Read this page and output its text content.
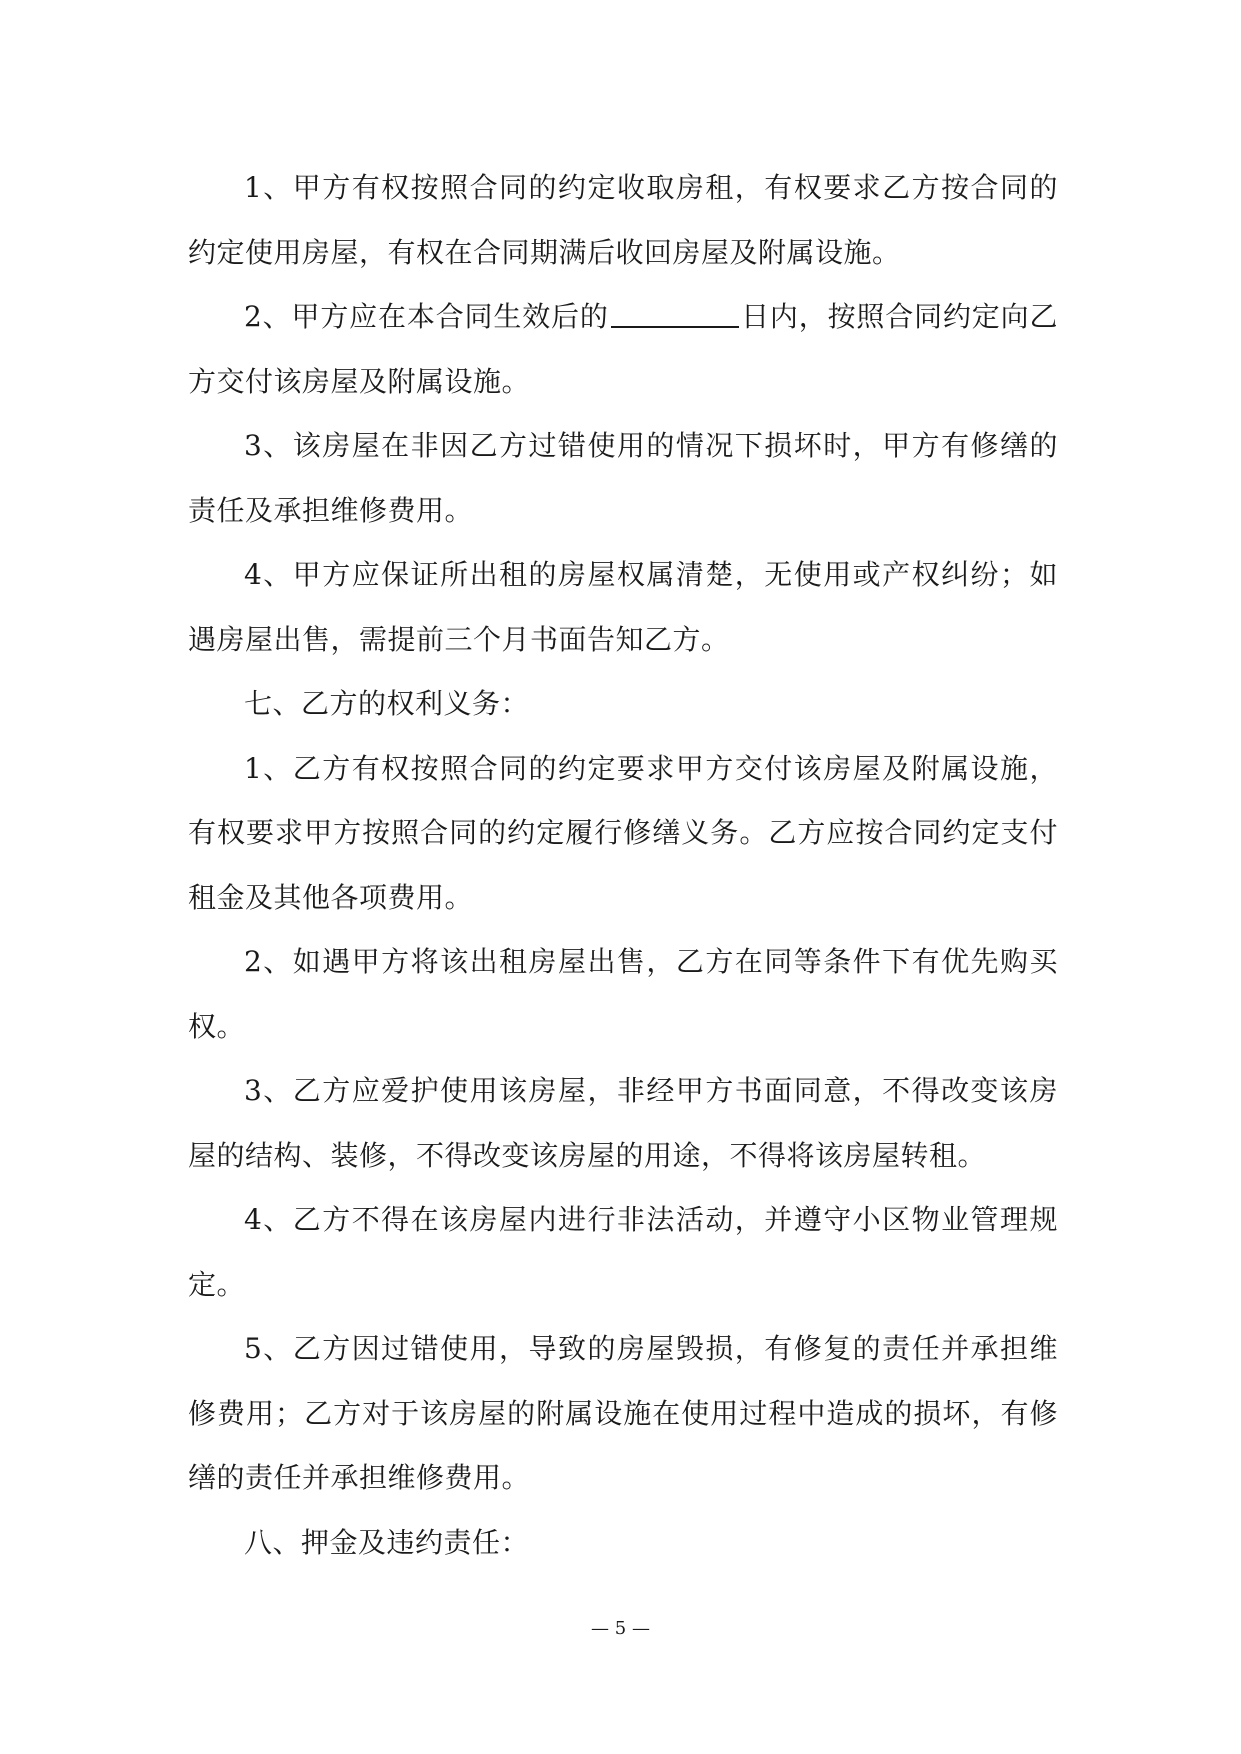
1、甲方有权按照合同的约定收取房租，有权要求乙方按合同的约定使用房屋，有权在合同期满后收回房屋及附属设施。

2、甲方应在本合同生效后的	日内，按照合同约定向乙方交付该房屋及附属设施。

3、该房屋在非因乙方过错使用的情况下损坏时，甲方有修缮的责任及承担维修费用。

4、甲方应保证所出租的房屋权属清楚，无使用或产权纠纷；如遇房屋出售，需提前三个月书面告知乙方。

七、乙方的权利义务：

1、乙方有权按照合同的约定要求甲方交付该房屋及附属设施，有权要求甲方按照合同的约定履行修缮义务。乙方应按合同约定支付租金及其他各项费用。

2、如遇甲方将该出租房屋出售，乙方在同等条件下有优先购买权。

3、乙方应爱护使用该房屋，非经甲方书面同意，不得改变该房屋的结构、装修，不得改变该房屋的用途，不得将该房屋转租。

4、乙方不得在该房屋内进行非法活动，并遵守小区物业管理规定。

5、乙方因过错使用，导致的房屋毁损，有修复的责任并承担维修费用；乙方对于该房屋的附属设施在使用过程中造成的损坏，有修缮的责任并承担维修费用。

八、押金及违约责任：

— 5 —
